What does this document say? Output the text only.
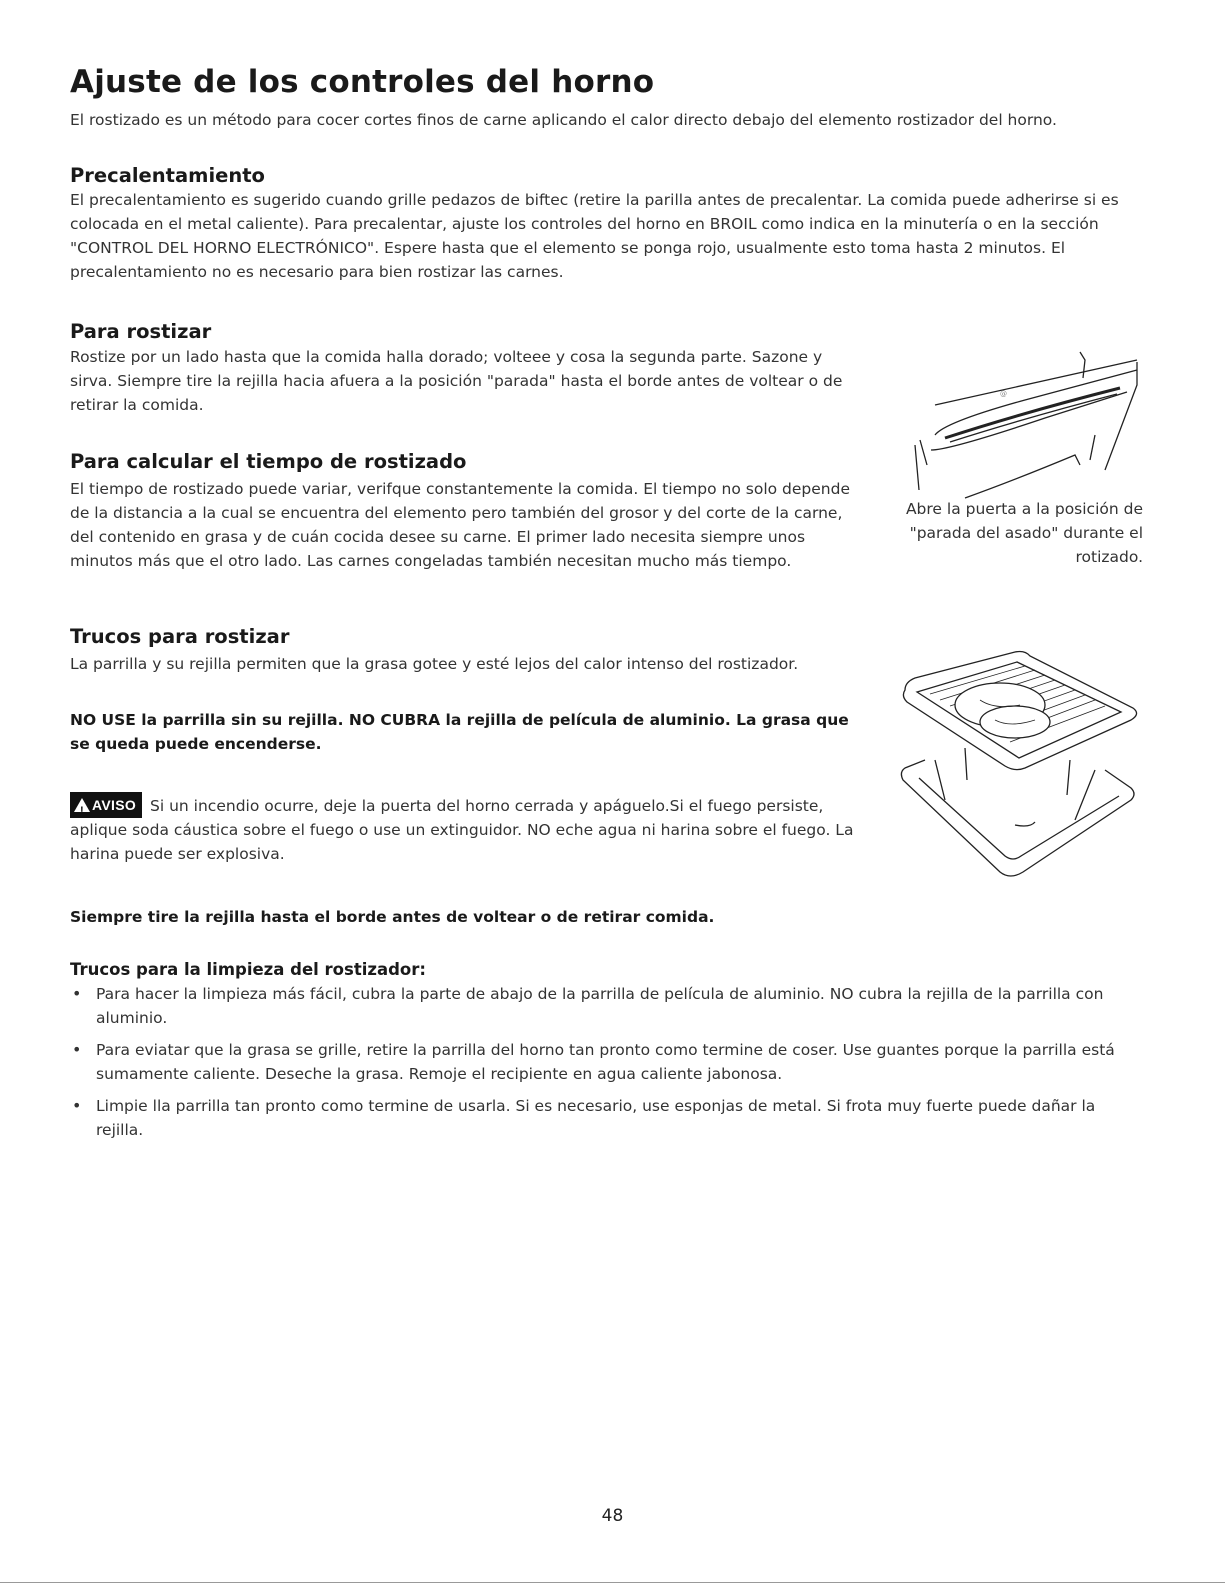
Ajuste de los controles del horno
El rostizado es un método para cocer cortes finos de carne aplicando el calor directo debajo del elemento rostizador del horno.
Precalentamiento

El precalentamiento es sugerido cuando grille pedazos de biftec (retire la parilla antes de precalentar. La comida puede adherirse si es colocada en el metal caliente). Para precalentar, ajuste los controles del horno en BROIL como indica en la minutería o en la sección "CONTROL DEL HORNO ELECTRÓNICO". Espere hasta que el elemento se ponga rojo, usualmente esto toma hasta 2 minutos. El precalentamiento no es necesario para bien rostizar las carnes.

Para rostizar

Rostize por un lado hasta que la comida halla dorado; volteee y cosa la segunda parte. Sazone y sirva. Siempre tire la rejilla hacia afuera a la posición "parada" hasta el borde antes de voltear o de retirar la comida.

Para calcular el tiempo de rostizado

El tiempo de rostizado puede variar, verifque constantemente la comida. El tiempo no solo depende de la distancia a la cual se encuentra del elemento pero también del grosor y del corte de la carne, del contenido en grasa y de cuán cocida desee su carne. El primer lado necesita siempre unos minutos más que el otro lado. Las carnes congeladas también necesitan mucho más tiempo.

@
Abre la puerta a la posición de "parada del asado" durante el rotizado.
Trucos para rostizar

La parrilla y su rejilla permiten que la grasa gotee y esté lejos del calor intenso del rostizador.

NO USE la parrilla sin su rejilla. NO CUBRA la rejilla de película de aluminio. La grasa que se queda puede encenderse.

! AVISO Si un incendio ocurre, deje la puerta del horno cerrada y apáguelo.Si el fuego persiste, aplique soda cáustica sobre el fuego o use un extinguidor. NO eche agua ni harina sobre el fuego. La harina puede ser explosiva.

Siempre tire la rejilla hasta el borde antes de voltear o de retirar comida.

Trucos para la limpieza del rostizador:

• Para hacer la limpieza más fácil, cubra la parte de abajo de la parrilla de película de aluminio. NO cubra la rejilla de la parrilla con aluminio.
• Para eviatar que la grasa se grille, retire la parrilla del horno tan pronto como termine de coser. Use guantes porque la parrilla está sumamente caliente. Deseche la grasa. Remoje el recipiente en agua caliente jabonosa.
• Limpie lla parrilla tan pronto como termine de usarla. Si es necesario, use esponjas de metal. Si frota muy fuerte puede dañar la rejilla.
48
